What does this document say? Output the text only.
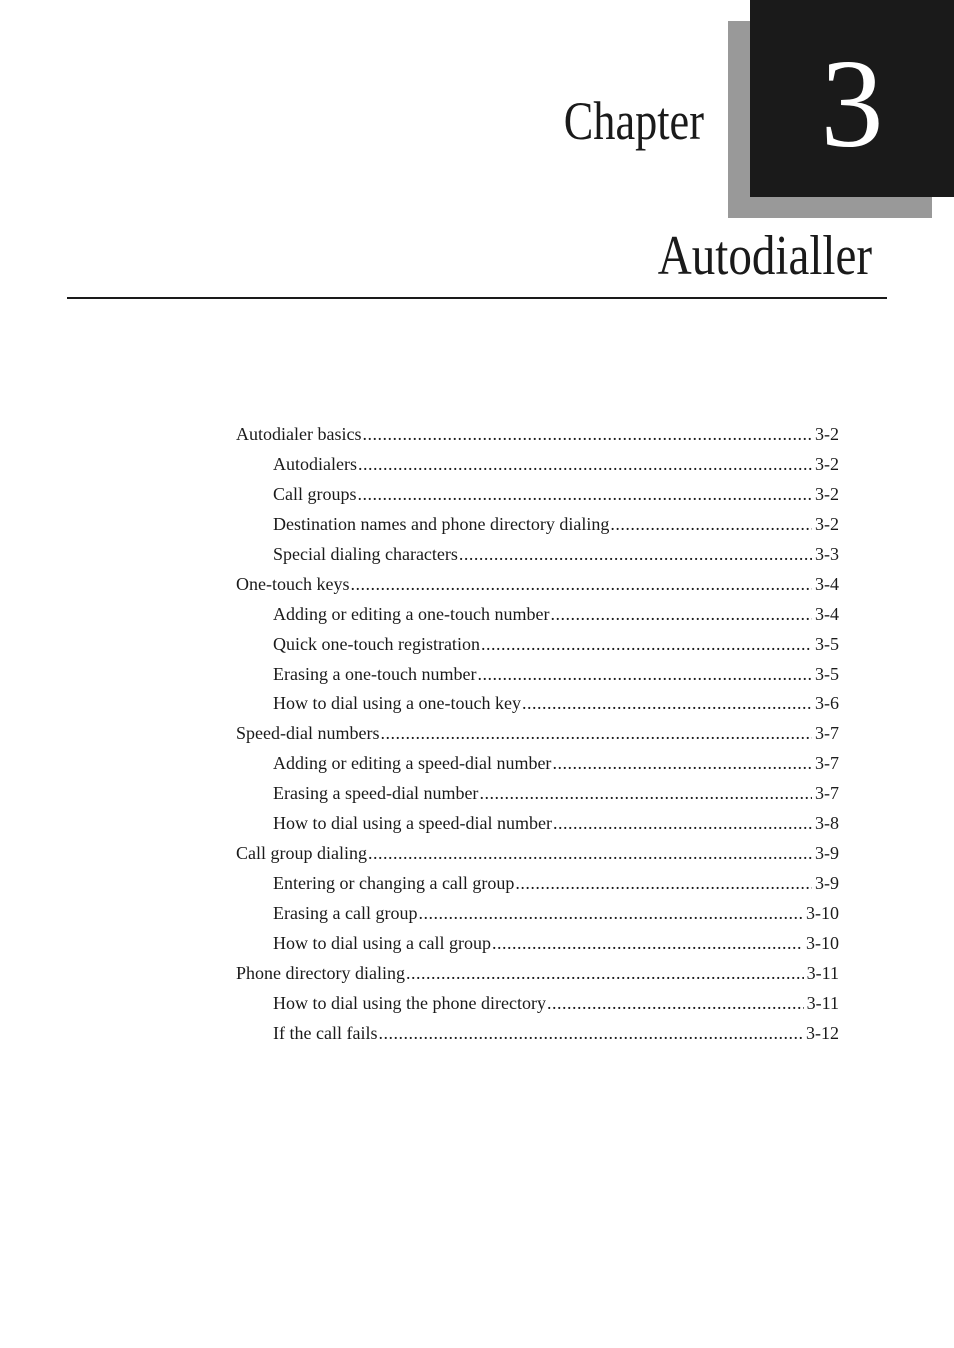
3
Chapter
Autodialler
Autodialer basics .....	3-2
Autodialers .....	3-2
Call groups .....	3-2
Destination names and phone directory dialing .....	3-2
Special dialing characters .....	3-3
One-touch keys .....	3-4
Adding or editing a one-touch number .....	3-4
Quick one-touch registration .....	3-5
Erasing a one-touch number .....	3-5
How to dial using a one-touch key .....	3-6
Speed-dial numbers .....	3-7
Adding or editing a speed-dial number .....	3-7
Erasing a speed-dial number .....	3-7
How to dial using a speed-dial number .....	3-8
Call group dialing .....	3-9
Entering or changing a call group .....	3-9
Erasing a call group .....	3-10
How to dial using a call group .....	3-10
Phone directory dialing .....	3-11
How to dial using the phone directory .....	3-11
If the call fails .....	3-12
